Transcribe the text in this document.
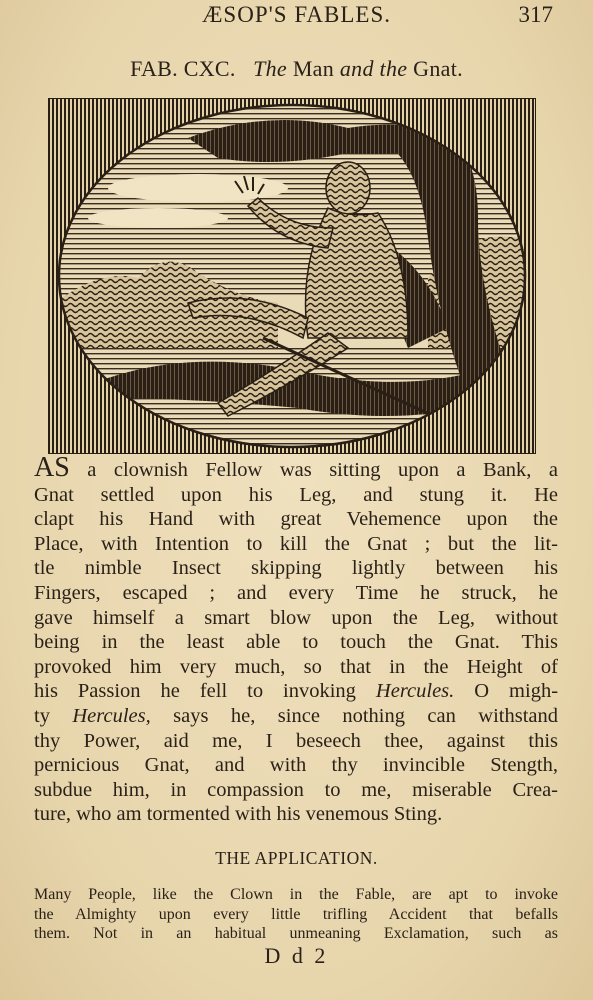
ÆSOP'S FABLES.	317
FAB. CXC. The Man and the Gnat.
AS a clownish Fellow was sitting upon a Bank, a
Gnat settled upon his Leg, and stung it. He
clapt his Hand with great Vehemence upon the
Place, with Intention to kill the Gnat ; but the lit-
tle nimble Insect skipping lightly between his
Fingers, escaped ; and every Time he struck, he
gave himself a smart blow upon the Leg, without
being in the least able to touch the Gnat. This
provoked him very much, so that in the Height of
his Passion he fell to invoking Hercules. O migh-
ty Hercules, says he, since nothing can withstand
thy Power, aid me, I beseech thee, against this
pernicious Gnat, and with thy invincible Stength,
subdue him, in compassion to me, miserable Crea-
ture, who am tormented with his venemous Sting.
THE APPLICATION.
Many People, like the Clown in the Fable, are apt to invoke
the Almighty upon every little trifling Accident that befalls
them. Not in an habitual unmeaning Exclamation, such as
D d 2
